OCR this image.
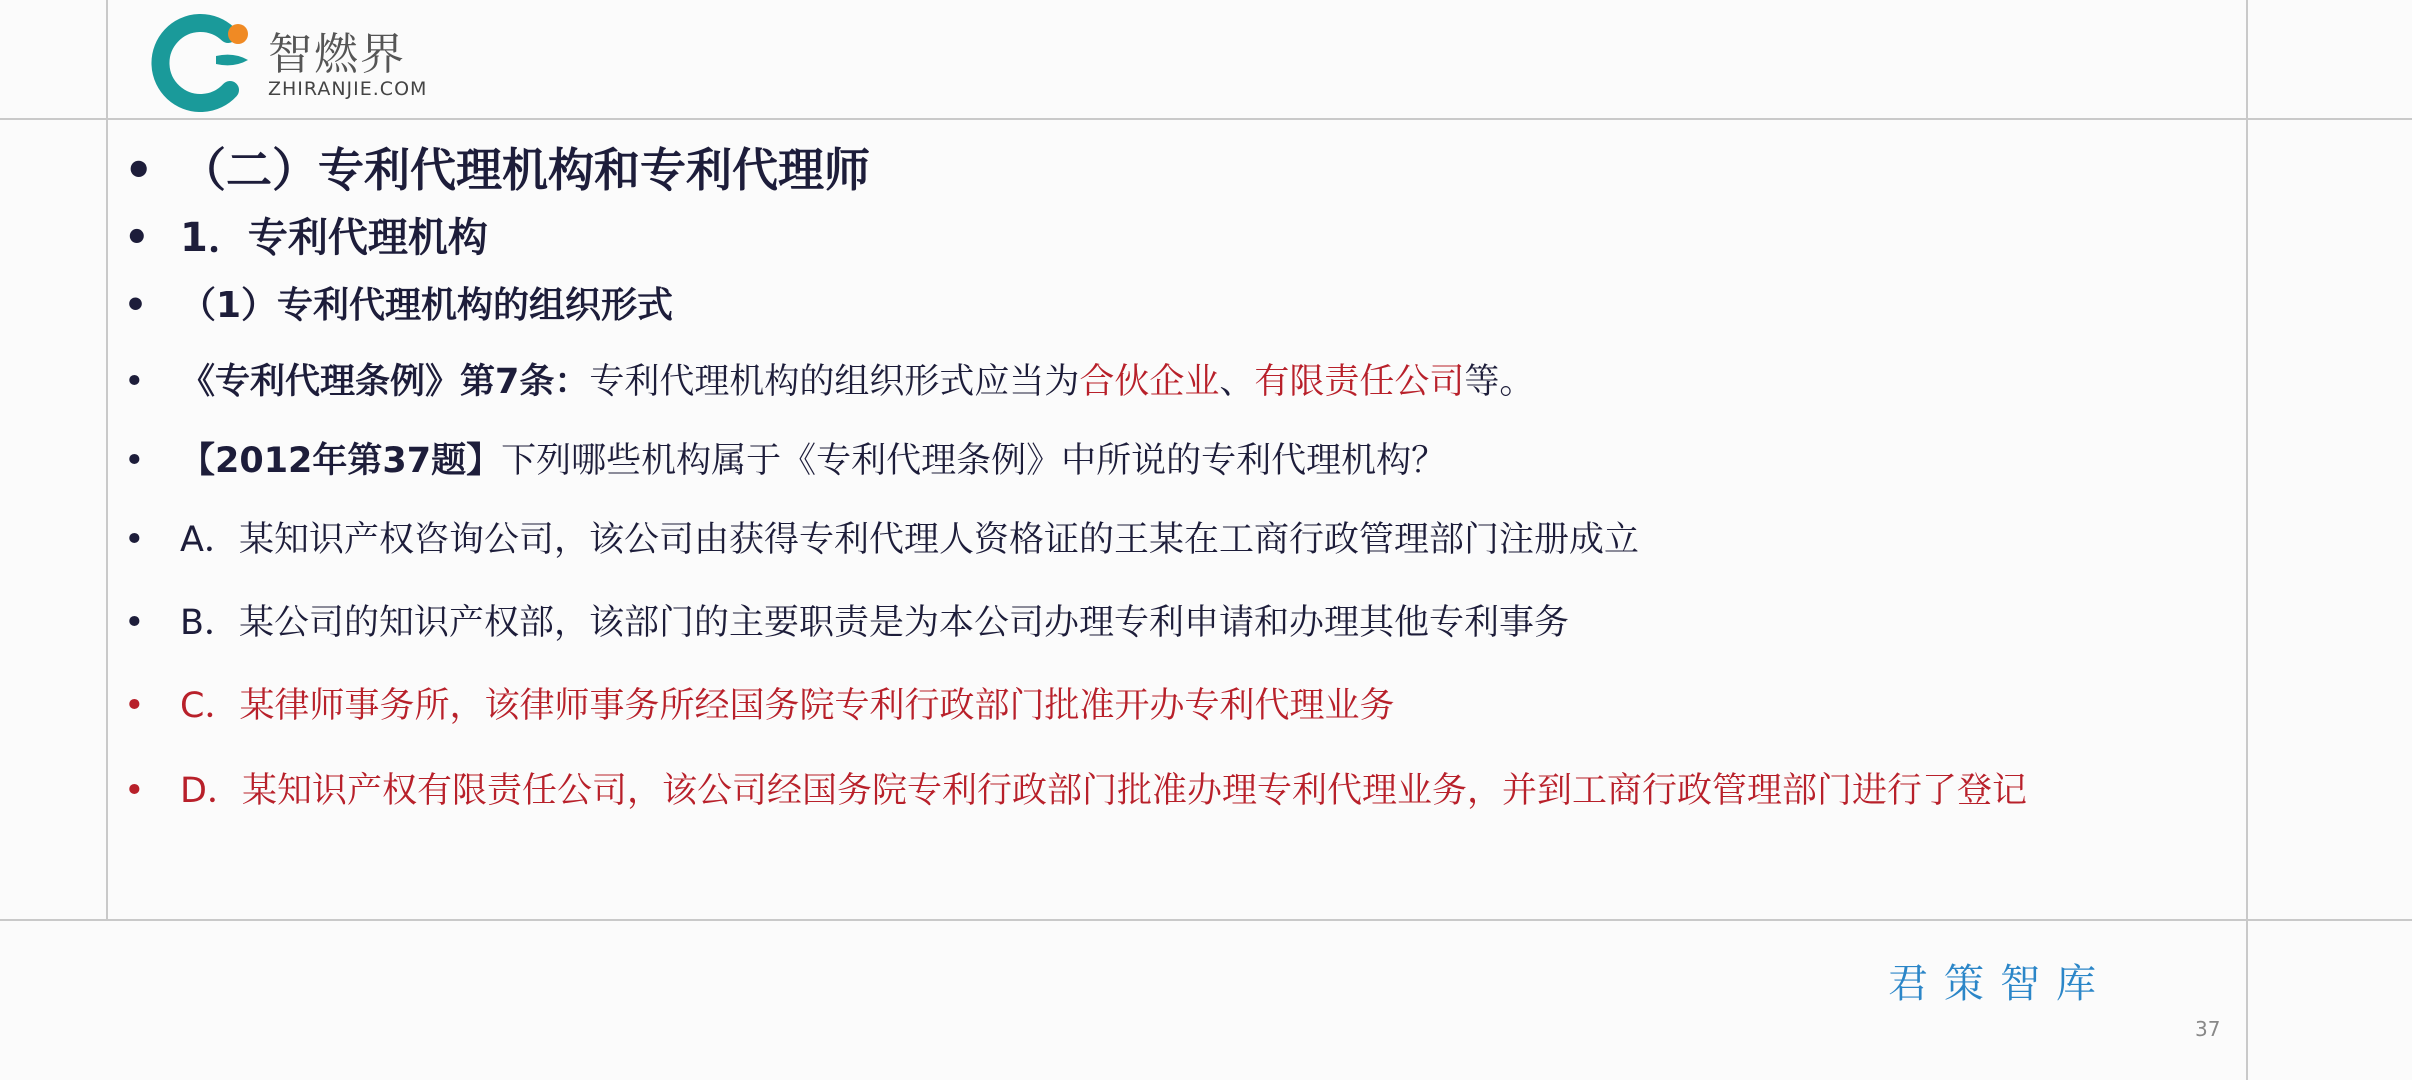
智燃界
ZHIRANJIE.COM
• （二）专利代理机构和专利代理师
• 1．专利代理机构
• （1）专利代理机构的组织形式
•	《专利代理条例》第7条：专利代理机构的组织形式应当为合伙企业、有限责任公司等。
•	【2012年第37题】下列哪些机构属于《专利代理条例》中所说的专利代理机构？
•	A．某知识产权咨询公司，该公司由获得专利代理人资格证的王某在工商行政管理部门注册成立
•	B．某公司的知识产权部，该部门的主要职责是为本公司办理专利申请和办理其他专利事务
•	C．某律师事务所，该律师事务所经国务院专利行政部门批准开办专利代理业务
•	D．某知识产权有限责任公司，该公司经国务院专利行政部门批准办理专利代理业务，并到工商行政管理部门进行了登记
君策智库
37
